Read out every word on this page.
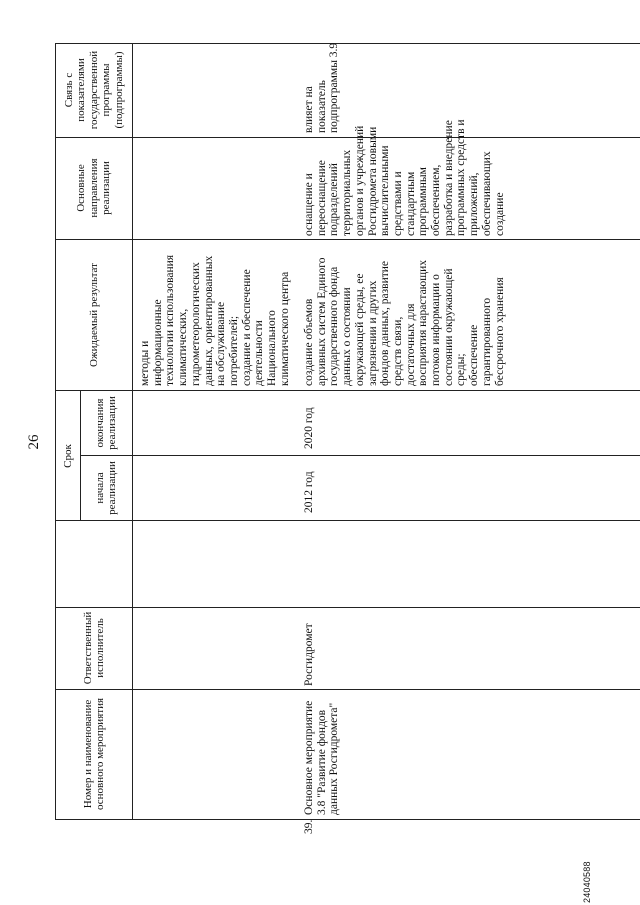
26
Номер и наименование основного мероприятия
Ответственный исполнитель
Срок
начала реализации
окончания реализации
Ожидаемый результат
Основные направления реализации
Связь с показателями государственной программы (подпрограммы)
методы и информационные технологии использования климатических, гидрометеорологических данных, ориентированных на обслуживание потребителей; создание и обеспечение деятельности Национального климатического центра
39.
Основное мероприятие 3.8 "Развитие фондов данных Росгидромета"
Росгидромет
2012 год
2020 год
создание объемов архивных систем Единого государственного фонда данных о состоянии окружающей среды, ее загрязнении и других фондов данных, развитие средств связи, достаточных для восприятия нарастающих потоков информации о состоянии окружающей среды; обеспечение гарантированного бессрочного хранения
оснащение и переоснащение подразделений территориальных органов и учреждений Росгидромета новыми вычислительными средствами и стандартным программным обеспечением, разработка и внедрение программных средств и приложений, обеспечивающих создание
влияет на показатель подпрограммы 3.9
24040588
